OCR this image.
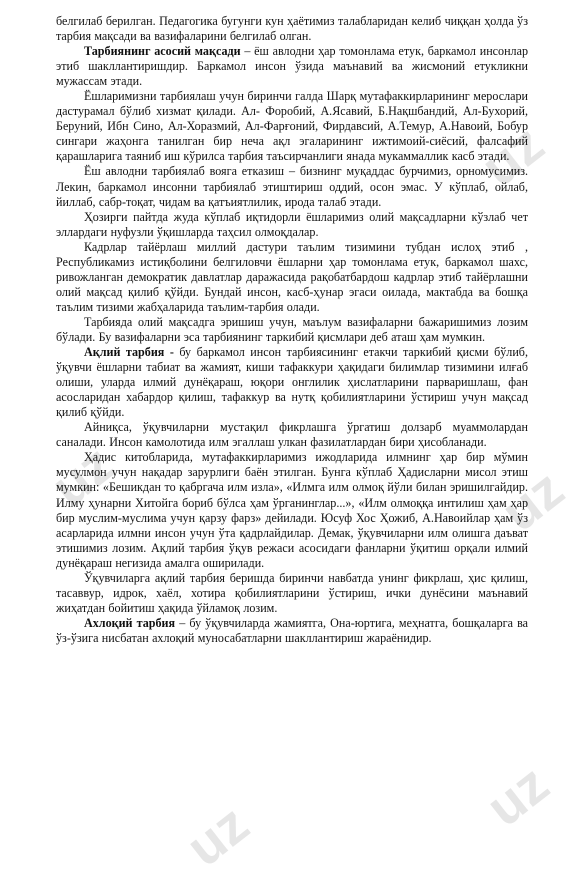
uz
uz
uz
uz	uz

белгилаб берилган. Педагогика бугунги кун ҳаётимиз талабларидан келиб чиққан ҳолда ўз тарбия мақсади ва вазифаларини белгилаб олган.

Тарбиянинг асосий мақсади – ёш авлодни ҳар томонлама етук, баркамол инсонлар этиб шакллантиришдир. Баркамол инсон ўзида маънавий ва жисмоний етукликни мужассам этади.

Ёшларимизни тарбиялаш учун биринчи галда Шарқ мутафаккирларининг мерослари дастурамал бўлиб хизмат қилади. Ал- Форобий, А.Ясавий, Б.Нақшбандий, Ал-Бухорий, Беруний, Ибн Сино, Ал-Хоразмий, Ал-Фарғоний, Фирдавсий, А.Темур, А.Навоий, Бобур сингари жаҳонга танилган бир неча ақл эгаларининг ижтимоий-сиёсий, фалсафий қарашларига таяниб иш кўрилса тарбия таъсирчанлиги янада мукаммаллик касб этади.

Ёш авлодни тарбиялаб вояга етказиш – бизнинг муқаддас бурчимиз, орномусимиз. Лекин, баркамол инсонни тарбиялаб этиштириш оддий, осон эмас. У кўплаб, ойлаб, йиллаб, сабр-тоқат, чидам ва қатъиятлилик, ирода талаб этади.

Ҳозирги пайтда жуда кўплаб иқтидорли ёшларимиз олий мақсадларни кўзлаб чет эллардаги нуфузли ўқишларда таҳсил олмоқдалар.

Кадрлар тайёрлаш миллий дастури таълим тизимини тубдан ислоҳ этиб , Республикамиз истиқболини белгиловчи ёшларни ҳар томонлама етук, баркамол шахс, ривожланган демократик давлатлар даражасида рақобатбардош кадрлар этиб тайёрлашни олий мақсад қилиб қўйди. Бундай инсон, касб-ҳунар эгаси оилада, мактабда ва бошқа таълим тизими жабҳаларида таълим-тарбия олади.

Тарбияда олий мақсадга эришиш учун, маълум вазифаларни бажаришимиз лозим бўлади. Бу вазифаларни эса тарбиянинг таркибий қисмлари деб аташ ҳам мумкин.

Ақлий тарбия - бу баркамол инсон тарбиясининг етакчи таркибий қисми бўлиб, ўқувчи ёшларни табиат ва жамият, киши тафаккури ҳақидаги билимлар тизимини илғаб олиши, уларда илмий дунёқараш, юқори онглилик ҳислатларини парваришлаш, фан асосларидан хабардор қилиш, тафаккур ва нутқ қобилиятларини ўстириш учун мақсад қилиб қўйди.

Айниқса, ўқувчиларни мустақил фикрлашга ўргатиш долзарб муаммолардан саналади. Инсон камолотида илм эгаллаш улкан фазилатлардан бири ҳисобланади.

Ҳадис китобларида, мутафаккирларимиз ижодларида илмнинг ҳар бир мўмин мусулмон учун нақадар зарурлиги баён этилган. Бунга кўплаб Ҳадисларни мисол этиш мумкин: «Бешикдан то қабргача илм изла», «Илмга илм олмоқ йўли билан эришилгайдир. Илму ҳунарни Хитойга бориб бўлса ҳам ўрганинглар...», «Илм олмоққа интилиш ҳам ҳар бир муслим-муслима учун қарзу фарз» дейилади. Юсуф Хос Ҳожиб, А.Навоийлар ҳам ўз асарларида илмни инсон учун ўта қадрлайдилар. Демак, ўқувчиларни илм олишга даъват этишимиз лозим. Ақлий тарбия ўқув режаси асосидаги фанларни ўқитиш орқали илмий дунёқараш негизида амалга оширилади.

Ўқувчиларга ақлий тарбия беришда биринчи навбатда унинг фикрлаш, ҳис қилиш, тасаввур, идрок, хаёл, хотира қобилиятларини ўстириш, ички дунёсини маънавий жиҳатдан бойитиш ҳақида ўйламоқ лозим.

Ахлоқий тарбия – бу ўқувчиларда жамиятга, Она-юртига, меҳнатга, бошқаларга ва ўз-ўзига нисбатан ахлоқий муносабатларни шакллантириш жараёнидир.
